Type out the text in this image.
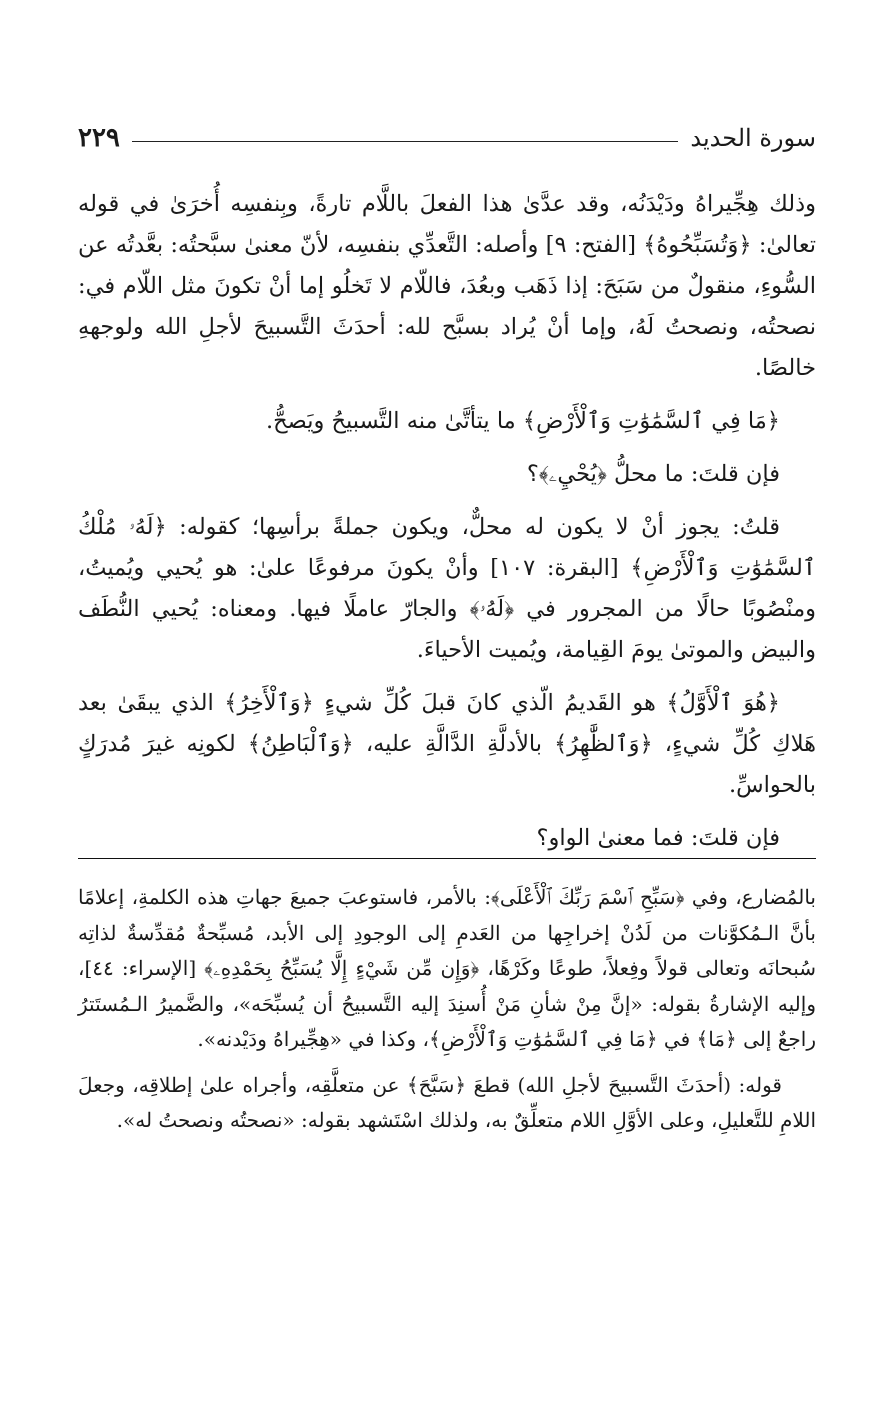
سورة الحديد
٢٢٩

وذلك هِجِّيراهُ ودَيْدَنُه، وقد عدَّىٰ هذا الفعلَ باللَّام تارةً، وبِنفسِه أُخرَىٰ في قوله تعالىٰ: ﴿وَتُسَبِّحُوهُ﴾ [الفتح: ٩] وأصله: التَّعدِّي بنفسِه، لأنّ معنىٰ سبَّحتُه: بعَّدتُه عن السُّوءِ، منقولٌ من سَبَحَ: إذا ذَهَب وبعُدَ، فاللّام لا تَخلُو إما أنْ تكونَ مثل اللّام في: نصحتُه، ونصحتُ لَهُ، وإما أنْ يُراد بسبَّح لله: أحدَثَ التَّسبيحَ لأجلِ الله ولوجههِ خالصًا.

﴿مَا فِي ٱلسَّمَٰوَٰتِ وَٱلْأَرْضِ﴾ ما يتأتَّىٰ منه التَّسبيحُ ويَصحُّ.

فإن قلتَ: ما محلُّ ﴿يُحْيِۦ﴾؟

قلتُ: يجوز أنْ لا يكون له محلٌّ، ويكون جملةً برأسِها؛ كقوله: ﴿لَهُۥ مُلْكُ ٱلسَّمَٰوَٰتِ وَٱلْأَرْضِ﴾ [البقرة: ١٠٧] وأنْ يكونَ مرفوعًا علىٰ: هو يُحيي ويُميتُ، ومنْصُوبًا حالًا من المجرور في ﴿لَهُۥ﴾ والجارّ عاملًا فيها. ومعناه: يُحيي النُّطَف والبيض والموتىٰ يومَ القِيامة، ويُميت الأحياءَ.

﴿هُوَ ٱلْأَوَّلُ﴾ هو القَديمُ الّذي كانَ قبلَ كُلِّ شيءٍ ﴿وَٱلْأَخِرُ﴾ الذي يبقَىٰ بعد هَلاكِ كُلِّ شيءٍ، ﴿وَٱلظَّٰهِرُ﴾ بالأدلَّةِ الدَّالَّةِ عليه، ﴿وَٱلْبَاطِنُ﴾ لكونِه غيرَ مُدرَكٍ بالحواسِّ.

فإن قلتَ: فما معنىٰ الواو؟

بالمُضارع، وفي ﴿سَبِّحِ ٱسْمَ رَبِّكَ ٱلْأَعْلَى﴾: بالأمر، فاستوعبَ جميعَ جهاتِ هذه الكلمةِ، إعلامًا بأنَّ الـمُكوَّنات من لَدُنْ إخراجِها من العَدمِ إلى الوجودِ إلى الأبد، مُسبِّحةٌ مُقدِّسةٌ لذاتِه سُبحانَه وتعالى قولاً وفِعلاً، طوعًا وكَرْهًا، ﴿وَإِن مِّن شَيْءٍ إِلَّا يُسَبِّحُ بِحَمْدِهِۦ﴾ [الإسراء: ٤٤]، وإليه الإشارةُ بقوله: «إنَّ مِنْ شأنِ مَنْ أُسنِدَ إليه التَّسبيحُ أن يُسبِّحَه»، والضَّميرُ الـمُستَترُ راجعٌ إلى ﴿مَا﴾ في ﴿مَا فِي ٱلسَّمَٰوَٰتِ وَٱلْأَرْضِ﴾، وكذا في «هِجِّيراهُ ودَيْدنه».

قوله: (أحدَثَ التَّسبيحَ لأجلِ الله) قطعَ ﴿سَبَّحَ﴾ عن متعلَّقِه، وأجراه علىٰ إطلاقِه، وجعلَ اللامِ للتَّعليلِ، وعلى الأوَّلِ اللام متعلِّقٌ به، ولذلك اسْتَشهد بقوله: «نصحتُه ونصحتُ له».
